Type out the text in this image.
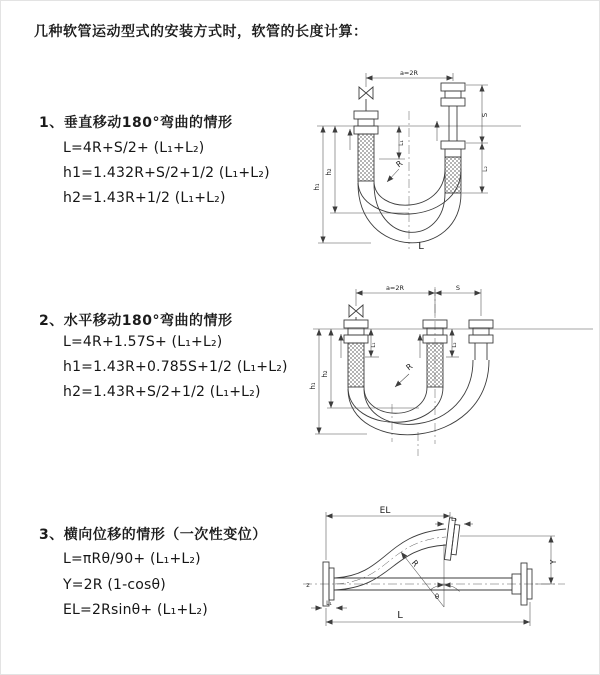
几种软管运动型式的安装方式时，软管的长度计算：
1、垂直移动180°弯曲的情形
L=4R+S/2+ (L₁+L₂)
h1=1.432R+S/2+1/2 (L₁+L₂)
h2=1.43R+1/2 (L₁+L₂)
2、水平移动180°弯曲的情形
L=4R+1.57S+ (L₁+L₂)
h1=1.43R+0.785S+1/2 (L₁+L₂)
h2=1.43R+S/2+1/2 (L₁+L₂)
3、横向位移的情形（一次性变位）
L=πRθ/90+ (L₁+L₂)
Y=2R (1-cosθ)
EL=2Rsinθ+ (L₁+L₂)
a=2R
h₁
h₂
L₁
S
L₂
R
L
a=2R	S
h₁
h₂
L₁	L₂
R
EL
L₂
Y
R
θ
L
L₁
z
